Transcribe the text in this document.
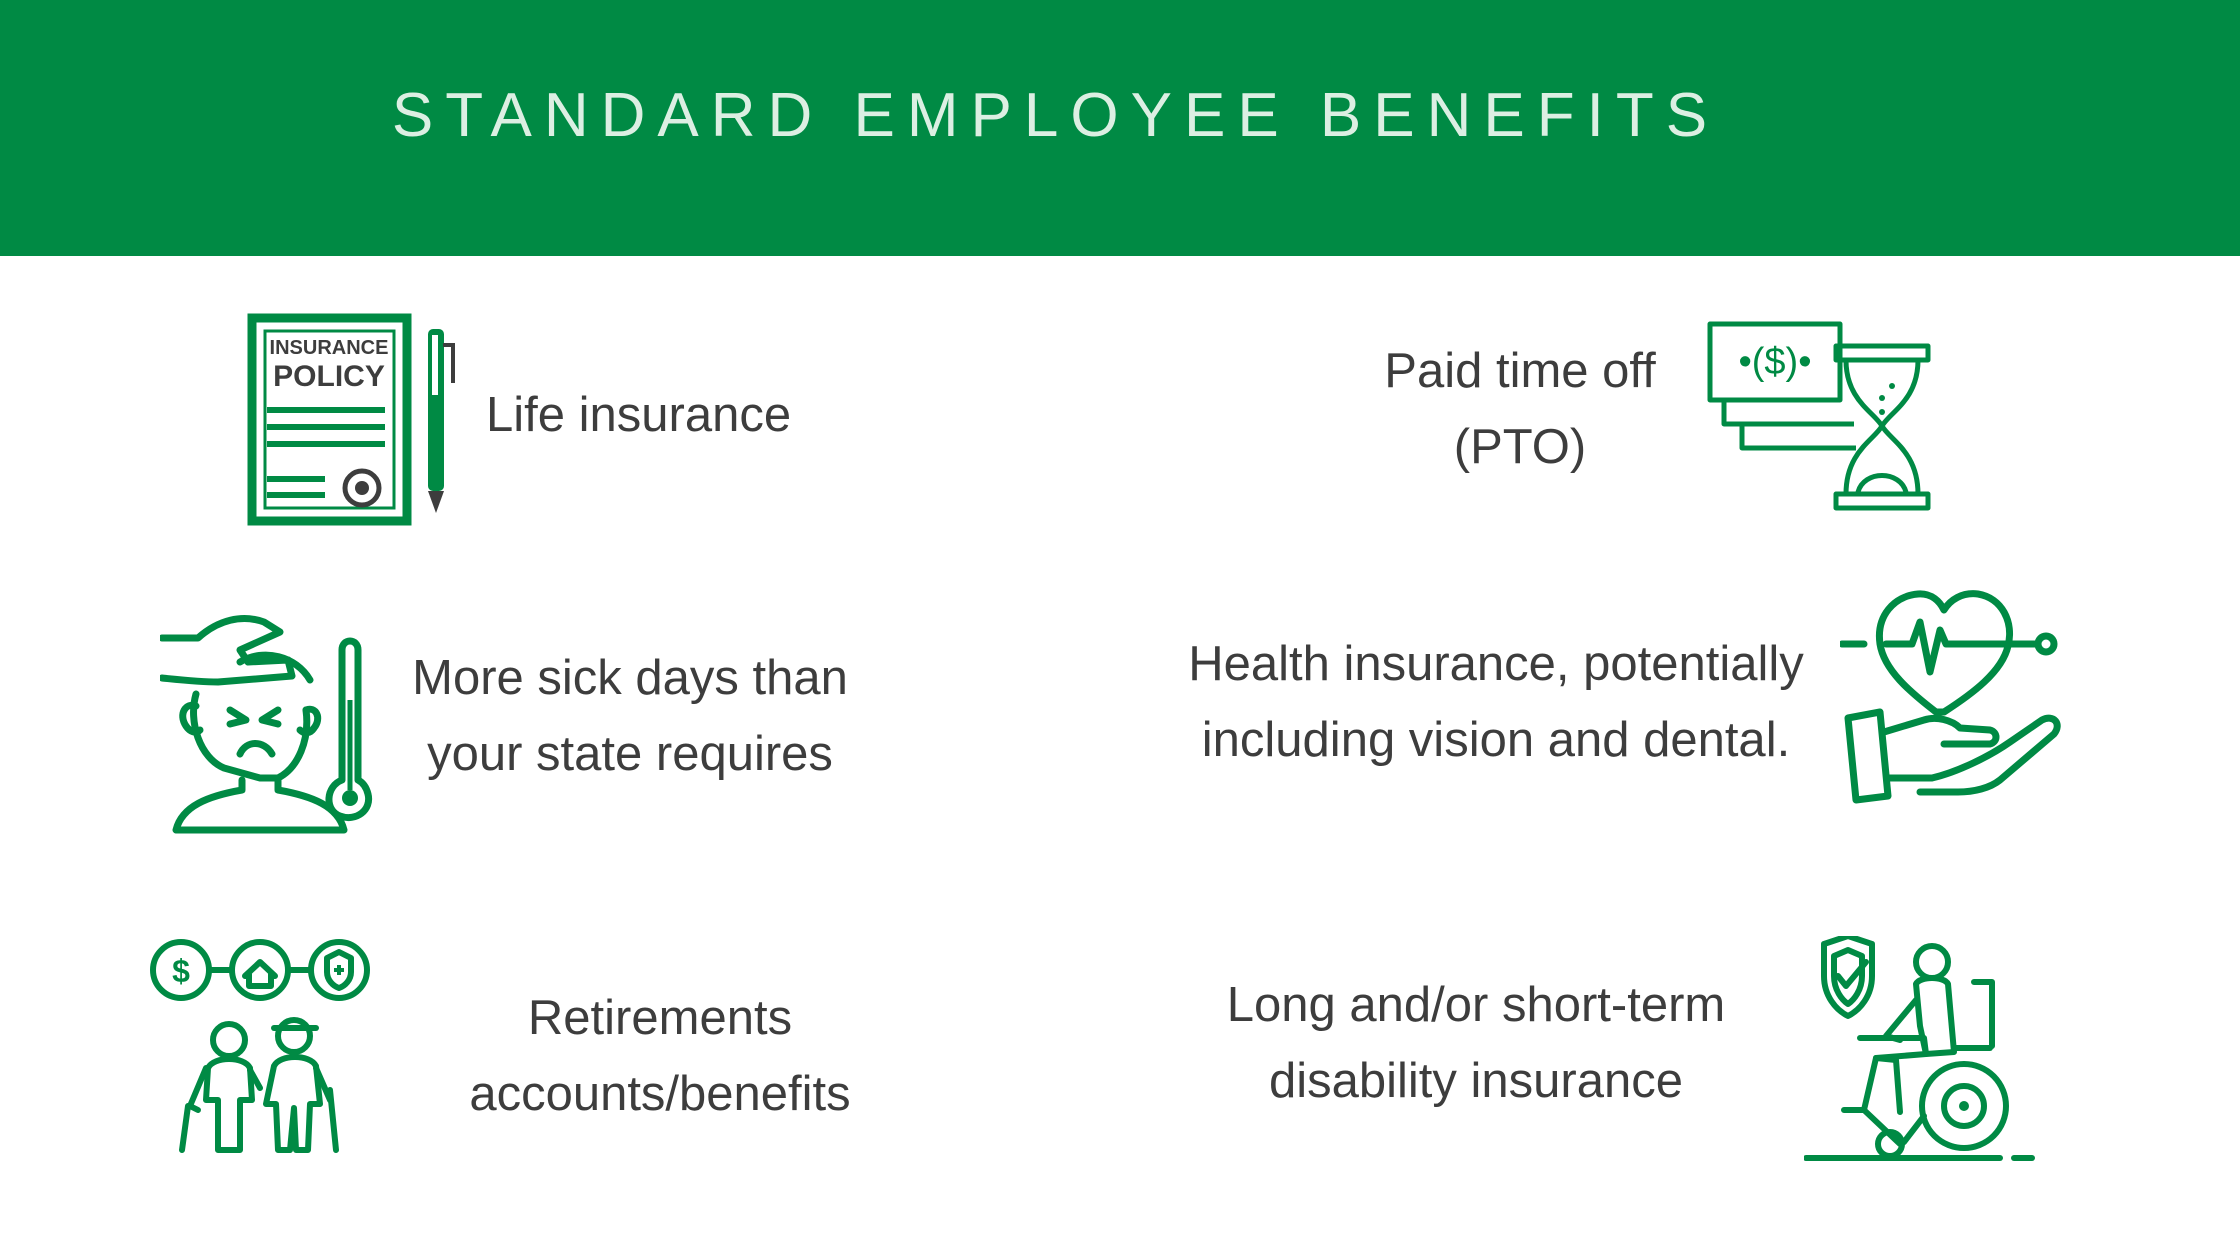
STANDARD EMPLOYEE BENEFITS
INSURANCE
POLICY
Life insurance
More sick days than
your state requires
$
Retirements
accounts/benefits
Paid time off
(PTO)
•($)•
Health insurance, potentially
including vision and dental.
Long and/or short-term
disability insurance
